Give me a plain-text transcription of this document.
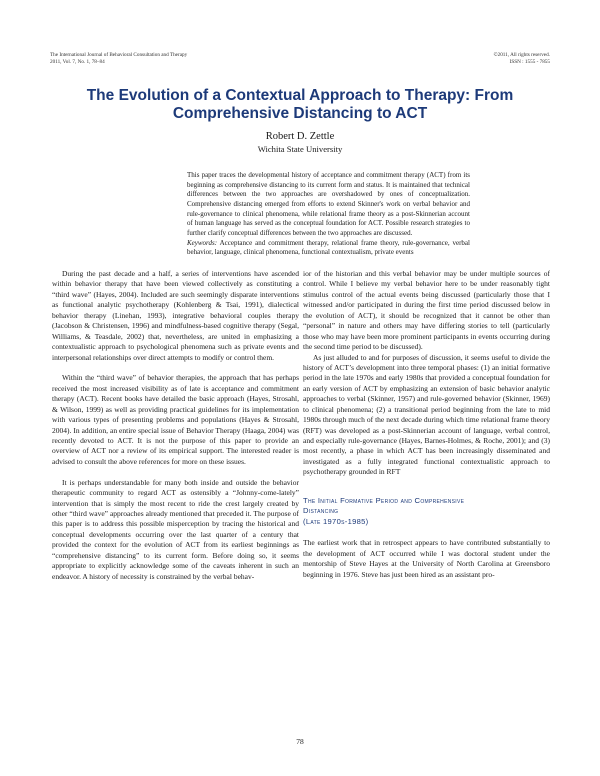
The International Journal of Behavioral Consultation and Therapy
2011, Vol. 7, No. 1, 78–84
©2011, All rights reserved.
ISSN : 1555 - 7855
The Evolution of a Contextual Approach to Therapy: From
Comprehensive Distancing to ACT
Robert D. Zettle
Wichita State University

This paper traces the developmental history of acceptance and commitment therapy (ACT) from its beginning as comprehensive distancing to its current form and status. It is maintained that technical differences between the two approaches are overshadowed by ones of conceptualization. Comprehensive distancing emerged from efforts to extend Skinner's work on verbal behavior and rule-governance to clinical phenomena, while relational frame theory as a post-Skinnerian account of human language has served as the conceptual foundation for ACT. Possible research strategies to further clarify conceptual differences between the two approaches are discussed.

Keywords: Acceptance and commitment therapy, relational frame theory, rule-governance, verbal behavior, language, clinical phenomena, functional contextualism, private events

During the past decade and a half, a series of interventions have ascended within behavior therapy that have been viewed collectively as constituting a “third wave” (Hayes, 2004). Included are such seemingly disparate interventions as functional analytic psychotherapy (Kohlenberg & Tsai, 1991), dialectical behavior therapy (Linehan, 1993), integrative behavioral couples therapy (Jacobson & Christensen, 1996) and mindfulness-based cognitive therapy (Segal, Williams, & Teasdale, 2002) that, nevertheless, are united in emphasizing a contextualistic approach to psychological phenomena such as private events and interpersonal relationships over direct attempts to modify or control them.

Within the “third wave” of behavior therapies, the approach that has perhaps received the most increased visibility as of late is acceptance and commitment therapy (ACT). Recent books have detailed the basic approach (Hayes, Strosahl, & Wilson, 1999) as well as providing practical guidelines for its implementation with various types of presenting problems and populations (Hayes & Strosahl, 2004). In addition, an entire special issue of Behavior Therapy (Haaga, 2004) was recently devoted to ACT. It is not the purpose of this paper to provide an overview of ACT nor a review of its empirical support. The interested reader is advised to consult the above references for more on these issues.

It is perhaps understandable for many both inside and outside the behavior therapeutic community to regard ACT as ostensibly a “Johnny-come-lately” intervention that is simply the most recent to ride the crest largely created by other “third wave” approaches already mentioned that preceded it. The purpose of this paper is to address this possible misperception by tracing the historical and conceptual developments occurring over the last quarter of a century that provided the context for the evolution of ACT from its earliest beginnings as “comprehensive distancing” to its current form. Before doing so, it seems appropriate to explicitly acknowledge some of the caveats inherent in such an endeavor. A history of necessity is constrained by the verbal behav-

ior of the historian and this verbal behavior may be under multiple sources of control. While I believe my verbal behavior here to be under reasonably tight stimulus control of the actual events being discussed (particularly those that I witnessed and/or participated in during the first time period discussed below in the evolution of ACT), it should be recognized that it cannot be other than “personal” in nature and others may have differing stories to tell (particularly those who may have been more prominent participants in events occurring during the second time period to be discussed).

As just alluded to and for purposes of discussion, it seems useful to divide the history of ACT’s development into three temporal phases: (1) an initial formative period in the late 1970s and early 1980s that provided a conceptual foundation for an early version of ACT by emphasizing an extension of basic behavior analytic approaches to verbal (Skinner, 1957) and rule-governed behavior (Skinner, 1969) to clinical phenomena; (2) a transitional period beginning from the late to mid 1980s through much of the next decade during which time relational frame theory (RFT) was developed as a post-Skinnerian account of language, verbal control, and especially rule-governance (Hayes, Barnes-Holmes, & Roche, 2001); and (3) most recently, a phase in which ACT has been increasingly disseminated and investigated as a fully integrated functional contextualistic approach to psychotherapy grounded in RFT

The Initial Formative Period and Comprehensive
Distancing
(Late 1970s-1985)

The earliest work that in retrospect appears to have contributed substantially to the development of ACT occurred while I was doctoral student under the mentorship of Steve Hayes at the University of North Carolina at Greensboro beginning in 1976. Steve has just been hired as an assistant pro-

78
